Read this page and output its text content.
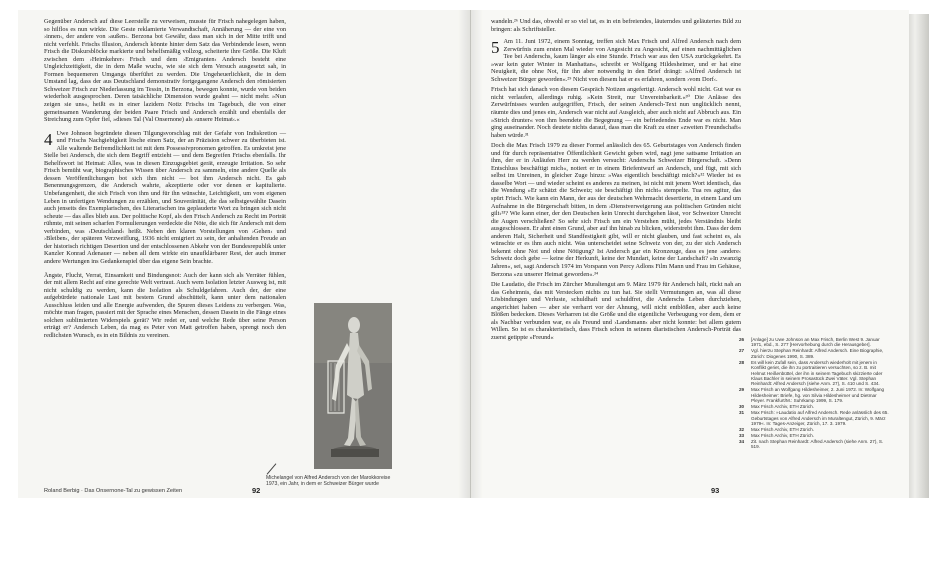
Gegenüber Andersch auf diese Leerstelle zu verweisen, musste für Frisch nahegelegen haben, so hilflos es nun wirkte. Die Geste reklamierte Verwandtschaft, Annäherung — der eine von ›innen‹, der andere von ›außen‹. Berzona bot Gewähr, dass man sich in der Mitte trifft und nicht verfehlt. Frischs Illusion, Andersch könnte hinter dem Satz das Verbindende lesen, wenn Frisch die Diskursblöcke markierte und behelfsmäßig vollzog, scheiterte ihre Größe. Die Kluft zwischen dem ›Heimkehrer‹ Frisch und dem ›Emigranten‹ Andersch besteht eine Ungleichzeitigkeit, die in dem Maße wuchs, wie sie sich dem Versuch ausgesetzt sah, in Formen bequemeren Umgangs überführt zu werden. Die Ungeheuerlichkeit, die in dem Umstand lag, dass der aus Deutschland demonstrativ fortgegangene Andersch den römisierten Schweizer Frisch zur Niederlassung im Tessin, in Berzona, bewegen konnte, wurde von beiden wiederholt ausgesprochen. Deren tatsächliche Dimension wurde geahnt — nicht mehr. »Nun zeigen sie uns«, heißt es in einer lazidem Notiz Frischs im Tagebuch, die von einer gemeinsamen Wanderung der beiden Paare Frisch und Andersch erzählt und ebenfalls der Streichung zum Opfer fiel, »dieses Tal (Val Onsernone) als ›unsere Heimat‹.«

4 Uwe Johnson begründete diesen Tilgungsvorschlag mit der Gefahr von Indiskretion — und Frischs Nachgiebigkeit lösche einen Satz, der an Präzision schwer zu überbieten ist. Alle waltende Befremdlichkeit ist mit dem Possessivpronomen getroffen. Es umkreist jene Stelle bei Andersch, die sich dem Begriff entzieht — und dem Begreifen Frischs ebenfalls. Ihr Behelfswort ist Heimat: Alles, was in diesen Einzugsgebiet gerät, erzeugte Irritation. So sehr Frisch bemüht war, biographisches Wissen über Andersch zu sammeln, eine andere Quelle als dessen Veröffentlichungen bot sich ihm nicht — bot ihm Andersch nicht. Es gab Benennungsgrenzen, die Andersch wahrte, akzeptierte oder vor denen er kapitulierte. Unbefangenheit, die sich Frisch von ihm und für ihn wünschte, Leichtigkeit, um vom eigenen Leben in unfertigen Wendungen zu erzählen, und Souveränität, die das selbstgewählte Dasein auch jenseits des Exemplarischen, des Literarischen ins geplauderte Wort zu bringen sich nicht scheute — das alles blieb aus. Der politische Kopf, als den Frisch Andersch zu Recht im Porträt rühmte, mit seinen scharfen Formulierungen verdeckte die Nöte, die sich für Andersch mit dem verbinden, was ›Deutschland‹ heißt. Neben den klaren Vorstellungen von ›Gehen‹ und ›Bleiben‹, der späteren Verzweiflung, 1936 nicht emigriert zu sein, der anhaltenden Freude an der historisch richtigen Desertion und der entschlossenen Abkehr von der Bundesrepublik unter Kanzler Konrad Adenauer — neben all dem wirkte ein unaufklärbarer Rest, der auch immer andere Wertungen ins Gedankenspiel über das eigene Sein brachte.

Ängste, Flucht, Verrat, Einsamkeit und Bindungsnot: Auch der kann sich als Verräter fühlen, der mit allem Recht auf eine gerechte Welt vertraut. Auch wem Isolation letzter Ausweg ist, mit nicht schuldig zu werden, kann die Isolation als Schuldgefahren. Auch der, der eine aufgebürdete nationale Last mit bestem Grund abschüttelt, kann unter dem nationalen Ausschluss leiden und alle Energie aufwenden, die Spuren dieses Leidens zu verbergen. Was, möchte man fragen, passiert mit der Sprache eines Menschen, dessen Dasein in die Fänge eines solchen sublimierten Widerspiels gerät? Wir redet er, und welche Rede über seine Person erträgt er? Andersch Leben, da mag es Peter von Matt getroffen haben, sprengt noch den redlichsten Wunsch, es in ein Bildnis zu vereinen.

Michelangel von Alfred Andersch von der Marokkoreise 1973, ein Jahr, in dem er Schweizer Bürger wurde
Roland Berbig · Das Onsernone-Tal zu gewissen Zeiten	92

wandeln.²⁶ Und das, obwohl er so viel tat, es in ein befreiendes, läuterndes und geläutertes Bild zu bringen: als Schriftsteller.

5 Am 11. Juni 1972, einem Sonntag, treffen sich Max Frisch und Alfred Andersch nach dem Zerwürfnis zum ersten Mal wieder von Angesicht zu Angesicht, auf einen nachmittäglichen Tee bei Anderschs, kaum länger als eine Stunde. Frisch war aus den USA zurückgekehrt. Es »war kein guter Winter in Manhattan«, schreibt er Wolfgang Hildesheimer, und er hat eine Neuigkeit, die ohne Not, für ihn aber notwendig in den Brief drängt: »Alfred Andersch ist Schweizer Bürger geworden«.²⁹ Nicht von diesem hat er es erfahren, sondern ›vom Dorf‹.

Frisch hat sich danach von diesem Gespräch Notizen angefertigt. Andersch wohl nicht. Gut war es nicht verlaufen, allerdings ruhig. »Kein Streit, nur Unvereinbarkeit.«³⁰ Die Anlässe des Zerwürfnisses wurden aufgegriffen, Frisch, der seinen Andersch-Text nun unglücklich nennt, räumte dies und jenes ein, Andersch war nicht auf Ausgleich, aber auch nicht auf Abbruch aus. Ein »Strich drunter« von ihm beendete die Begegnung — ein befriedendes Ende war es nicht. Man ging auseinander. Noch deutete nichts darauf, dass man die Kraft zu einer »zweiten Freundschaft« haben würde.³¹

Doch die Max Frisch 1979 zu dieser Formel anlässlich des 65. Geburtstages von Andersch finden und für durch repräsentative Öffentlichkeit Gewicht geben wird, nagt jene sattsame Irritation an ihm, der er in Anläufen Herr zu werden versucht: Anderschs Schweizer Bürgerschaft. »Denn Entschluss beschäftigt mich«, notiert er in einem Briefentwurf an Andersch, und fügt, mit sich selbst im Unreinen, in gleicher Zuge hinzu: »Was eigentlich beschäftigt mich?«³² Wieder ist es dasselbe Wort — und wieder scheint es anderes zu meinen, ist nicht mit jenem Wort identisch, das die Wendung »Er schätzt die Schweiz; sie beschäftigt ihn nicht« stempelte. Tua res agitur, das spürt Frisch. Wie kann ein Mann, der aus der deutschen Wehrmacht desertierte, in einem Land um Aufnahme in die Bürgerschaft bitten, in dem ›Dienstverweigerung aus politischen Gründen nicht gilt‹³³? Wie kann einer, der den Deutschen kein Unrecht durchgehen lässt, vor Schweizer Unrecht die Augen verschließen? So sehr sich Frisch um ein Verstehen müht, jedes Verständnis bleibt ausgeschlossen. Er ahnt einen Grund, aber auf ihn hinab zu blicken, widerstrebt ihm. Dass der dem anderen Halt, Sicherheit und Standfestigkeit gibt, will er nicht glauben, und fast scheint es, als wünschte er es ihm auch nicht. Was unterscheidet seine Schweiz von der, zu der sich Andersch bekennt ohne Not und ohne Nötigung? Ist Andersch gar ein Kronzeuge, dass es jene ›andere‹ Schweiz doch gebe — keine der Herkunft, keine der Mundart, keine der Landschaft? »In zwanzig Jahren«, sei, sagt Andersch 1974 im Vorspann von Percy Adlons Film Mann und Frau im Gehäuse, Berzona »zu unserer Heimat geworden«.³⁴

Die Laudatio, die Frisch im Zürcher Muraltengut am 9. März 1979 für Andersch hält, rückt nah an das Geheimnis, das mit Verstecken nichts zu tun hat. Sie stellt Vermutungen an, was all diese Lösbindungen und Verluste, schuldhaft und schuldfrei, die Anderschs Leben durchziehen, angerichtet haben — aber sie verharrt vor der Ahnung, will nicht entblößen, aber auch keine Blößen bedecken. Dieses Verharren ist die Größe und die eigentliche Verbeugung vor dem, dem er als Nachbar verbunden war, es als Freund und ›Landsmann‹ aber nicht konnte: bei allem gutem Willen. So ist es charakteristisch, dass Frisch schon in seinem diaristischen Andersch-Porträt das zuerst getippte »Freund«

93
26	[Anlage] zu Uwe Johnson an Max Frisch, Berlin West 9. Januar 1971, ebd., S. 277 [Hervorhebung durch die Herausgeber].
27	Vgl. hierzu Stephan Reinhardt: Alfred Andersch. Eine Biographie, Zürich: Diogenes 1990, S. 389.
28	Es will kein Zufall sein, dass Andersch wiederholt mit jenem in Konflikt geriet, die ihn zu portraitieren versuchten, so z. B. mit Helmut Heißenbüttel, der ihn in seinem Tagebuch skizzierte oder Klaus Bachler in seinem Prosastück Zwei Väter. Vgl. Stephan Reinhardt: Alfred Andersch (siehe Anm. 27), S. 410 und S. 434.
29	Max Frisch an Wolfgang Hildesheimer, 2. Juni 1972. In: Wolfgang Hildesheimer: Briefe, hg. von Silvia Hildesheimer und Dietmar Pleyer. Frankfurt/M.: Suhrkamp 1999, S. 179.
30	Max Frisch Archiv, ETH Zürich.
31	Max Frisch: »Laudatio auf Alfred Andersch. Rede anlässlich des 65. Geburtstages von Alfred Andersch im Muraltengut, Zürich, 9. März 1979«. In: Tages-Anzeiger, Zürich, 17. 3. 1979.
32	Max Frisch Archiv, ETH Zürich.
33	Max Frisch Archiv, ETH Zürich.
34	Zit. nach Stephan Reinhardt: Alfred Andersch (siehe Anm. 27), S. 519.
